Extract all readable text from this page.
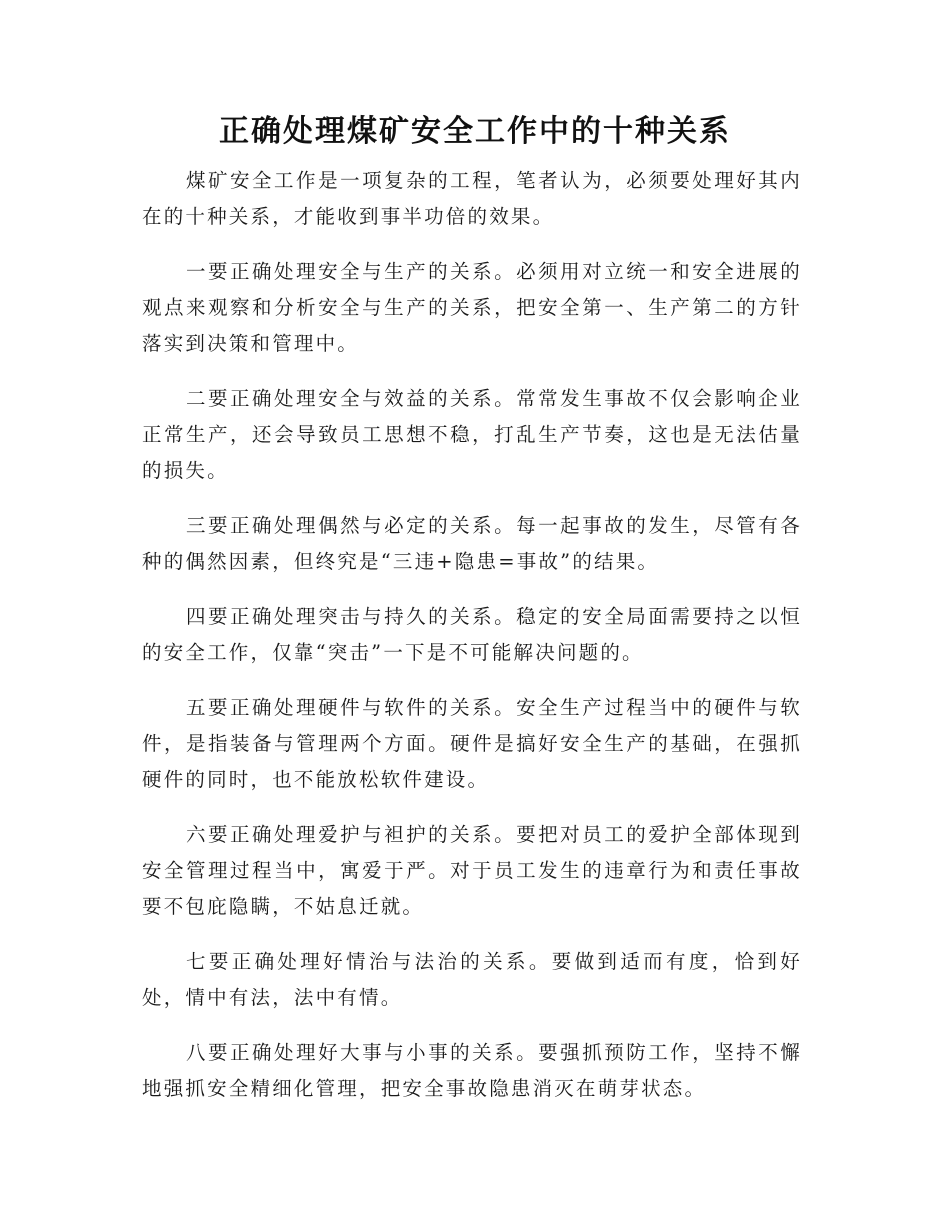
正确处理煤矿安全工作中的十种关系

煤矿安全工作是一项复杂的工程，笔者认为，必须要处理好其内在的十种关系，才能收到事半功倍的效果。

一要正确处理安全与生产的关系。必须用对立统一和安全进展的观点来观察和分析安全与生产的关系，把安全第一、生产第二的方针落实到决策和管理中。

二要正确处理安全与效益的关系。常常发生事故不仅会影响企业正常生产，还会导致员工思想不稳，打乱生产节奏，这也是无法估量的损失。

三要正确处理偶然与必定的关系。每一起事故的发生，尽管有各种的偶然因素，但终究是“三违+隐患=事故”的结果。

四要正确处理突击与持久的关系。稳定的安全局面需要持之以恒的安全工作，仅靠“突击”一下是不可能解决问题的。

五要正确处理硬件与软件的关系。安全生产过程当中的硬件与软件，是指装备与管理两个方面。硬件是搞好安全生产的基础，在强抓硬件的同时，也不能放松软件建设。

六要正确处理爱护与袒护的关系。要把对员工的爱护全部体现到安全管理过程当中，寓爱于严。对于员工发生的违章行为和责任事故要不包庇隐瞒，不姑息迁就。

七要正确处理好情治与法治的关系。要做到适而有度，恰到好处，情中有法，法中有情。

八要正确处理好大事与小事的关系。要强抓预防工作，坚持不懈地强抓安全精细化管理，把安全事故隐患消灭在萌芽状态。
